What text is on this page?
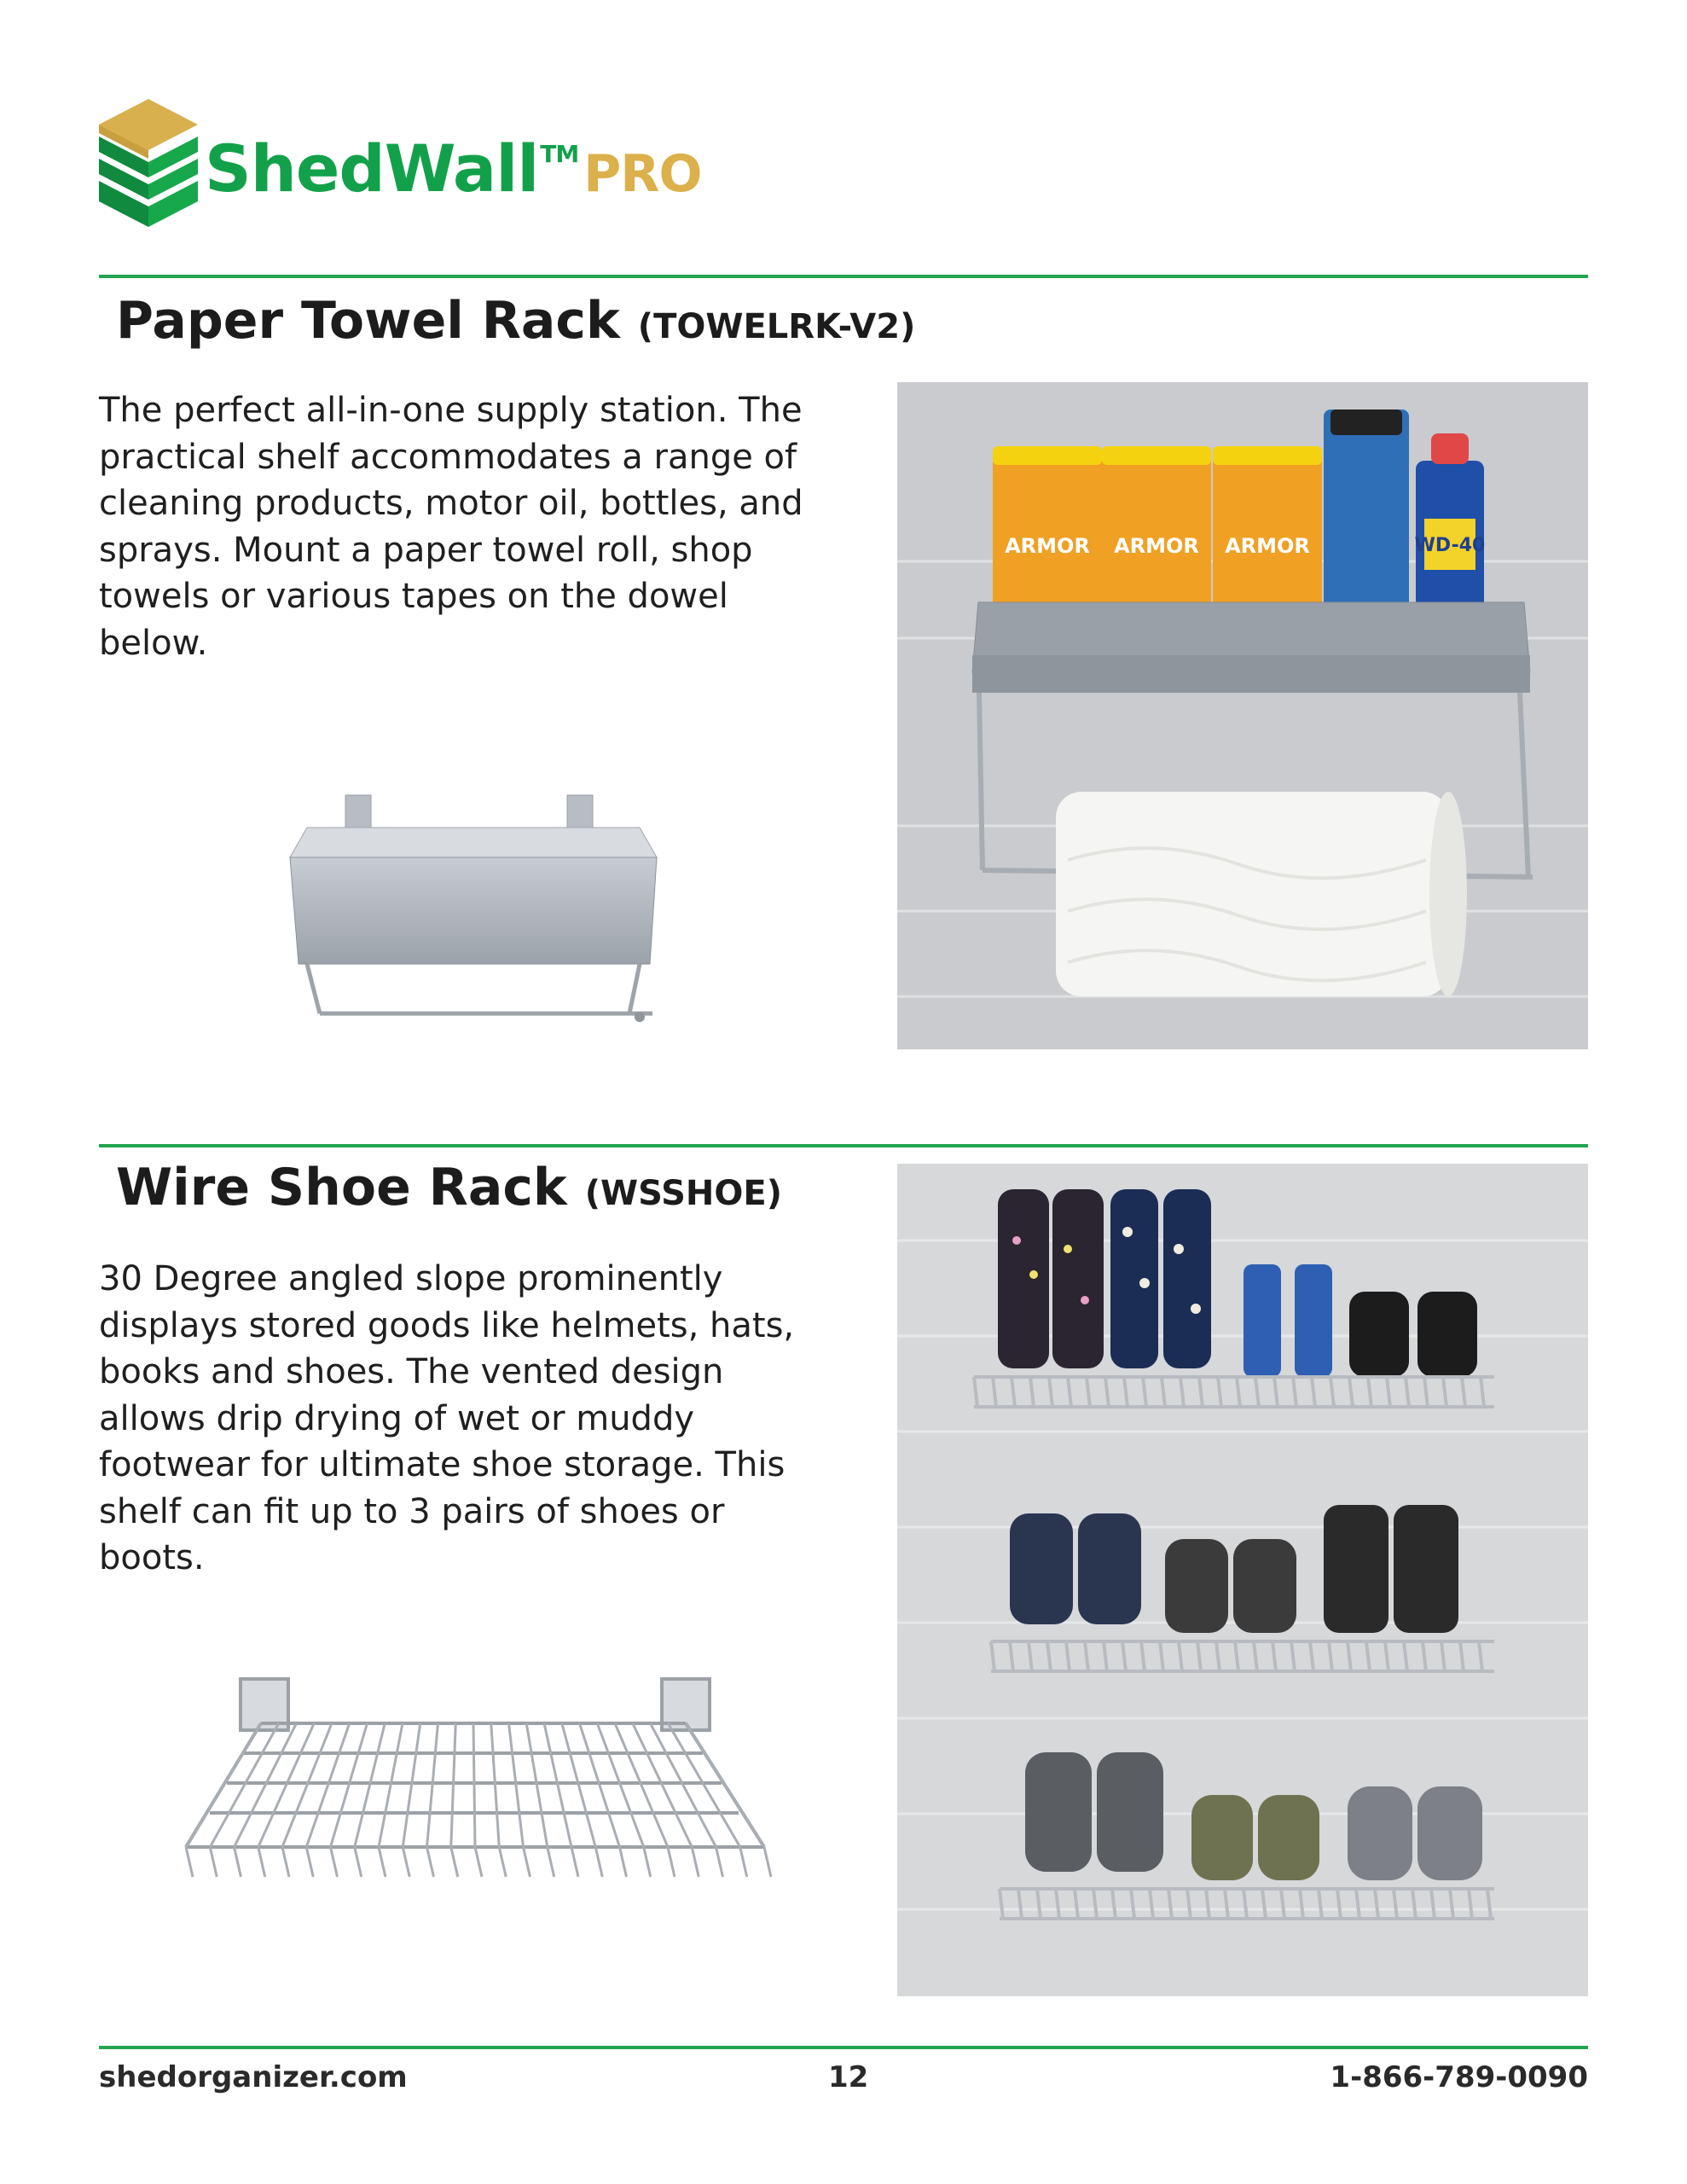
ShedWall™ PRO
Paper Towel Rack (TOWELRK-V2)
The perfect all-in-one supply station. The practical shelf accommodates a range of cleaning products, motor oil, bottles, and sprays. Mount a paper towel roll, shop towels or various tapes on the dowel below.
ARMOR ARMOR ARMOR	WD-40
Wire Shoe Rack (WSSHOE)
30 Degree angled slope prominently displays stored goods like helmets, hats, books and shoes. The vented design allows drip drying of wet or muddy footwear for ultimate shoe storage. This shelf can fit up to 3 pairs of shoes or boots.
shedorganizer.com	12	1-866-789-0090
